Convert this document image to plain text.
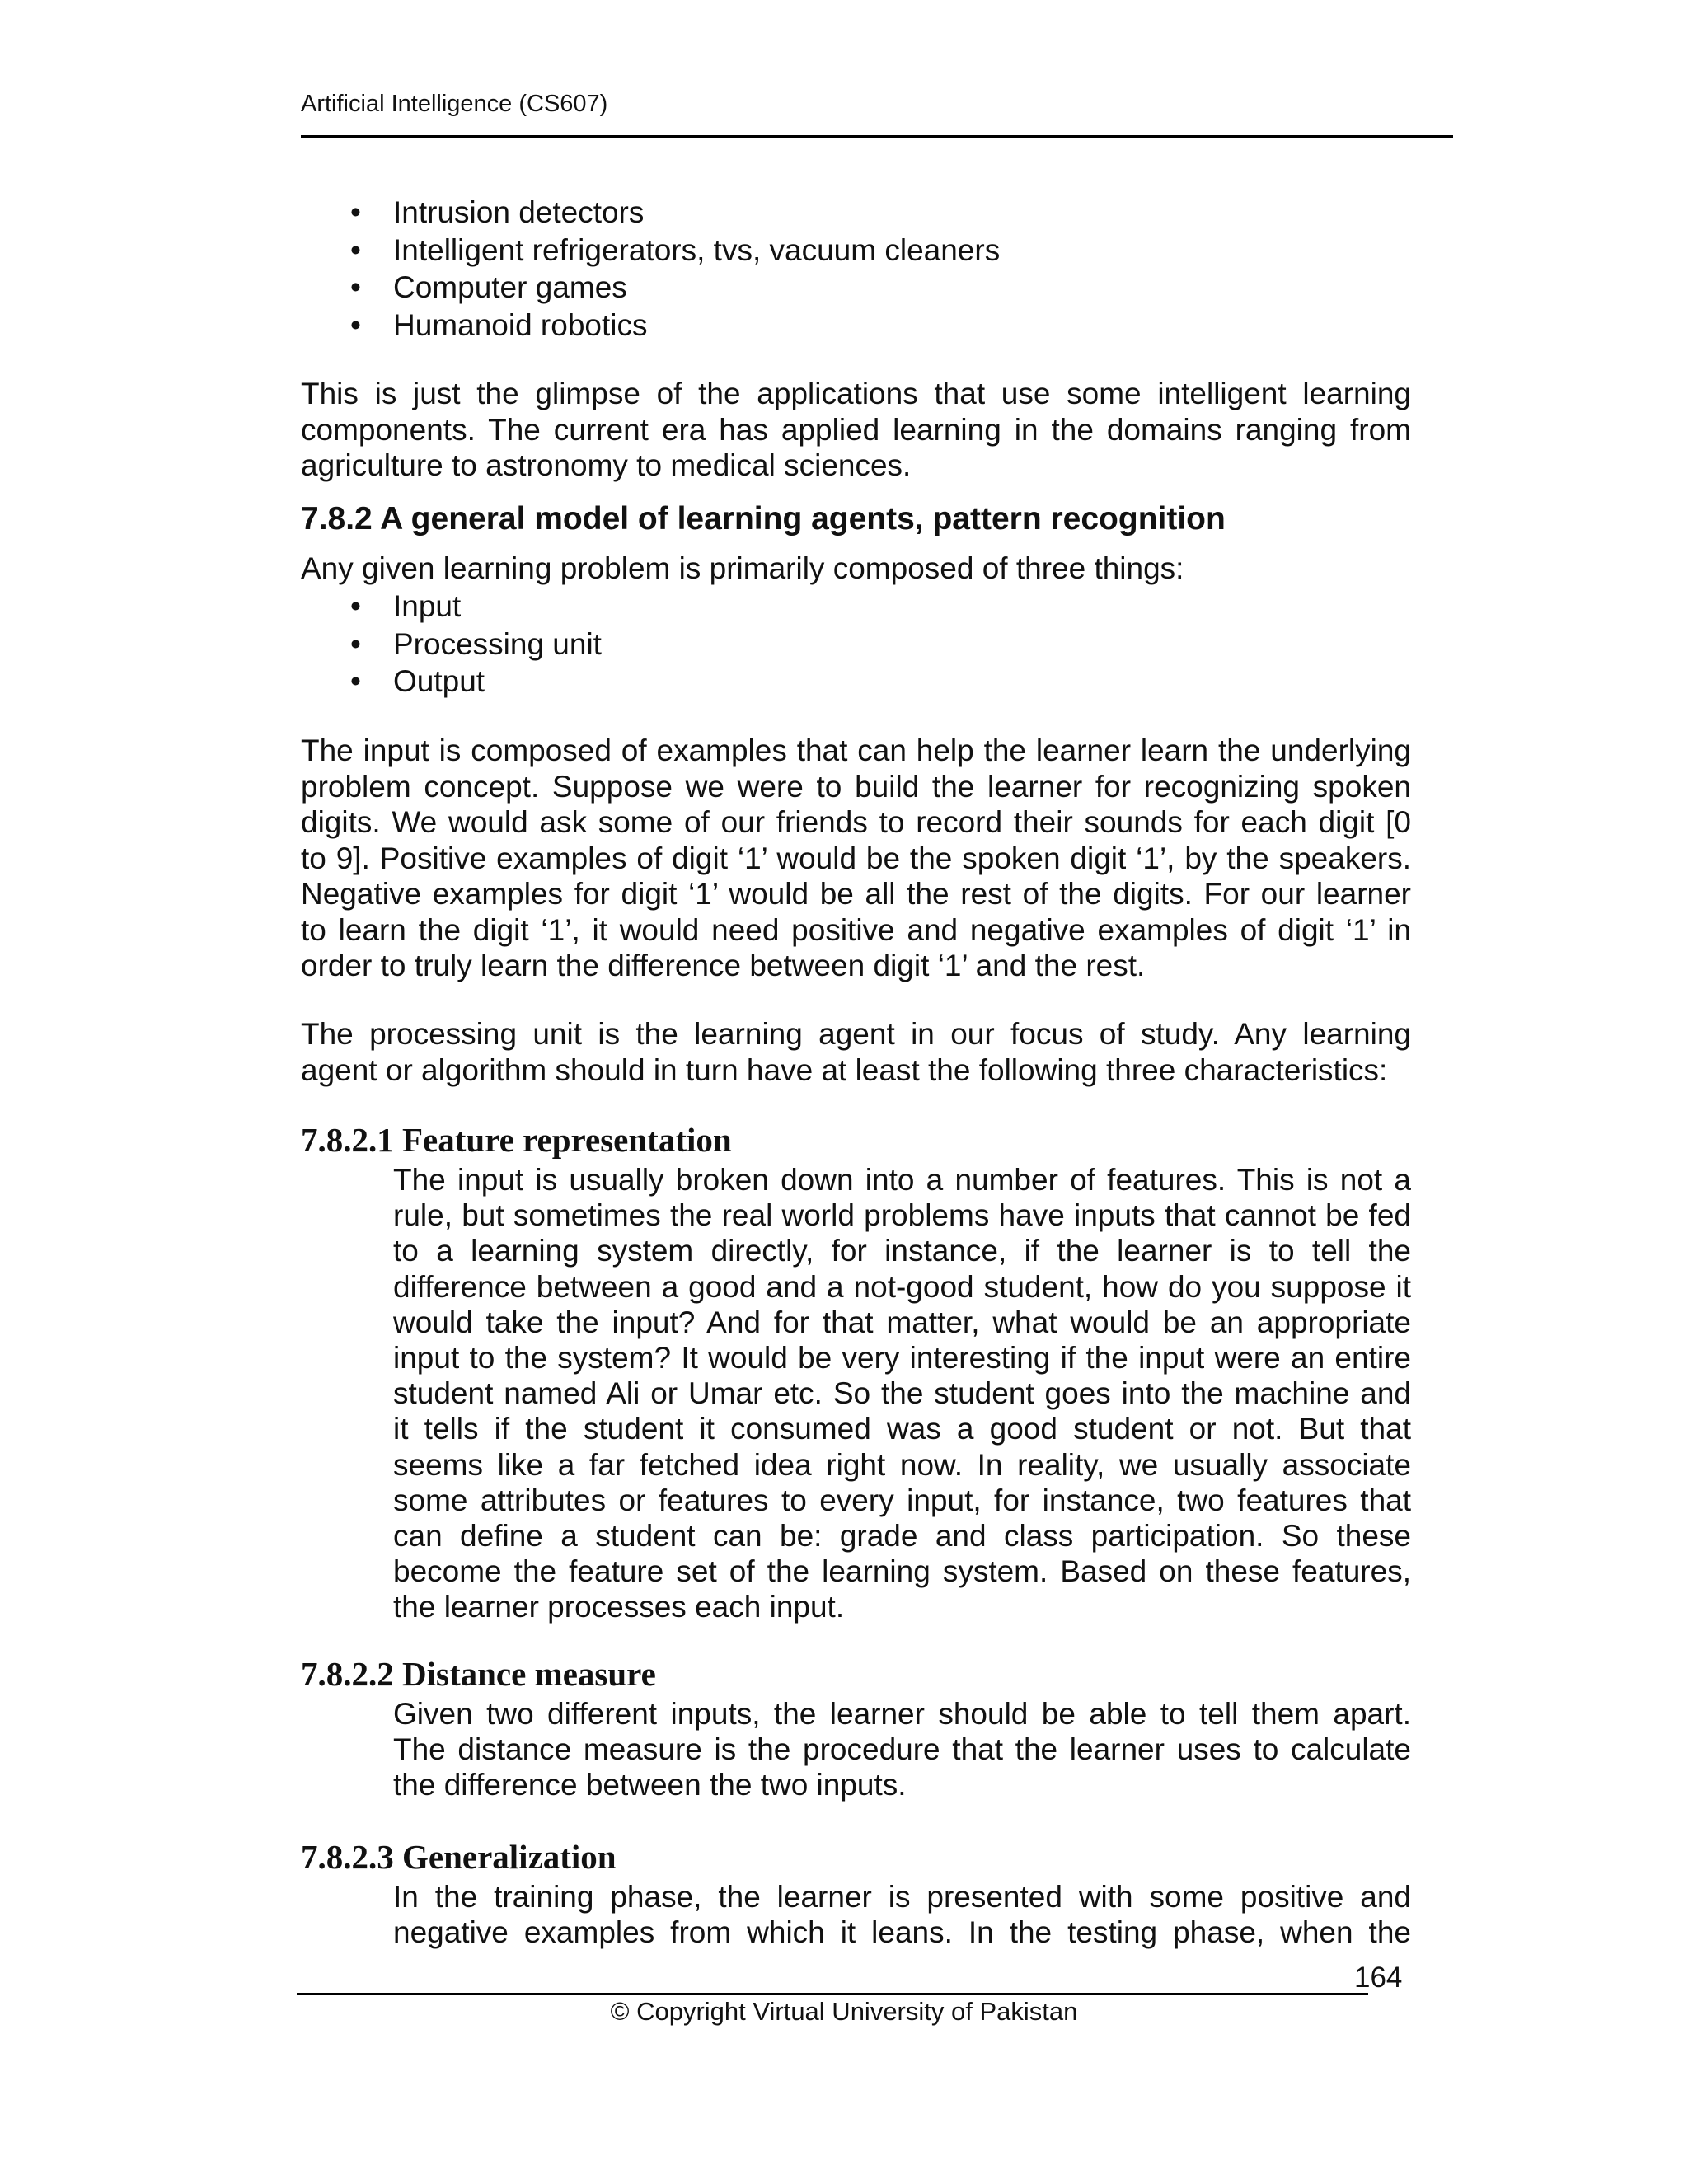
Artificial Intelligence (CS607)
• Intrusion detectors
• Intelligent refrigerators, tvs, vacuum cleaners
• Computer games
• Humanoid robotics
This is just the glimpse of the applications that use some intelligent learning
components. The current era has applied learning in the domains ranging from
agriculture to astronomy to medical sciences.
7.8.2 A general model of learning agents, pattern recognition
Any given learning problem is primarily composed of three things:
• Input
• Processing unit
• Output
The input is composed of examples that can help the learner learn the underlying
problem concept. Suppose we were to build the learner for recognizing spoken
digits. We would ask some of our friends to record their sounds for each digit [0
to 9]. Positive examples of digit ‘1’ would be the spoken digit ‘1’, by the speakers.
Negative examples for digit ‘1’ would be all the rest of the digits. For our learner
to learn the digit ‘1’, it would need positive and negative examples of digit ‘1’ in
order to truly learn the difference between digit ‘1’ and the rest.
The processing unit is the learning agent in our focus of study. Any learning
agent or algorithm should in turn have at least the following three characteristics:
7.8.2.1 Feature representation
The input is usually broken down into a number of features. This is not a
rule, but sometimes the real world problems have inputs that cannot be fed
to a learning system directly, for instance, if the learner is to tell the
difference between a good and a not-good student, how do you suppose it
would take the input? And for that matter, what would be an appropriate
input to the system? It would be very interesting if the input were an entire
student named Ali or Umar etc. So the student goes into the machine and
it tells if the student it consumed was a good student or not. But that
seems like a far fetched idea right now. In reality, we usually associate
some attributes or features to every input, for instance, two features that
can define a student can be: grade and class participation. So these
become the feature set of the learning system. Based on these features,
the learner processes each input.
7.8.2.2 Distance measure
Given two different inputs, the learner should be able to tell them apart.
The distance measure is the procedure that the learner uses to calculate
the difference between the two inputs.
7.8.2.3 Generalization
In the training phase, the learner is presented with some positive and
negative examples from which it leans. In the testing phase, when the
164
© Copyright Virtual University of Pakistan
